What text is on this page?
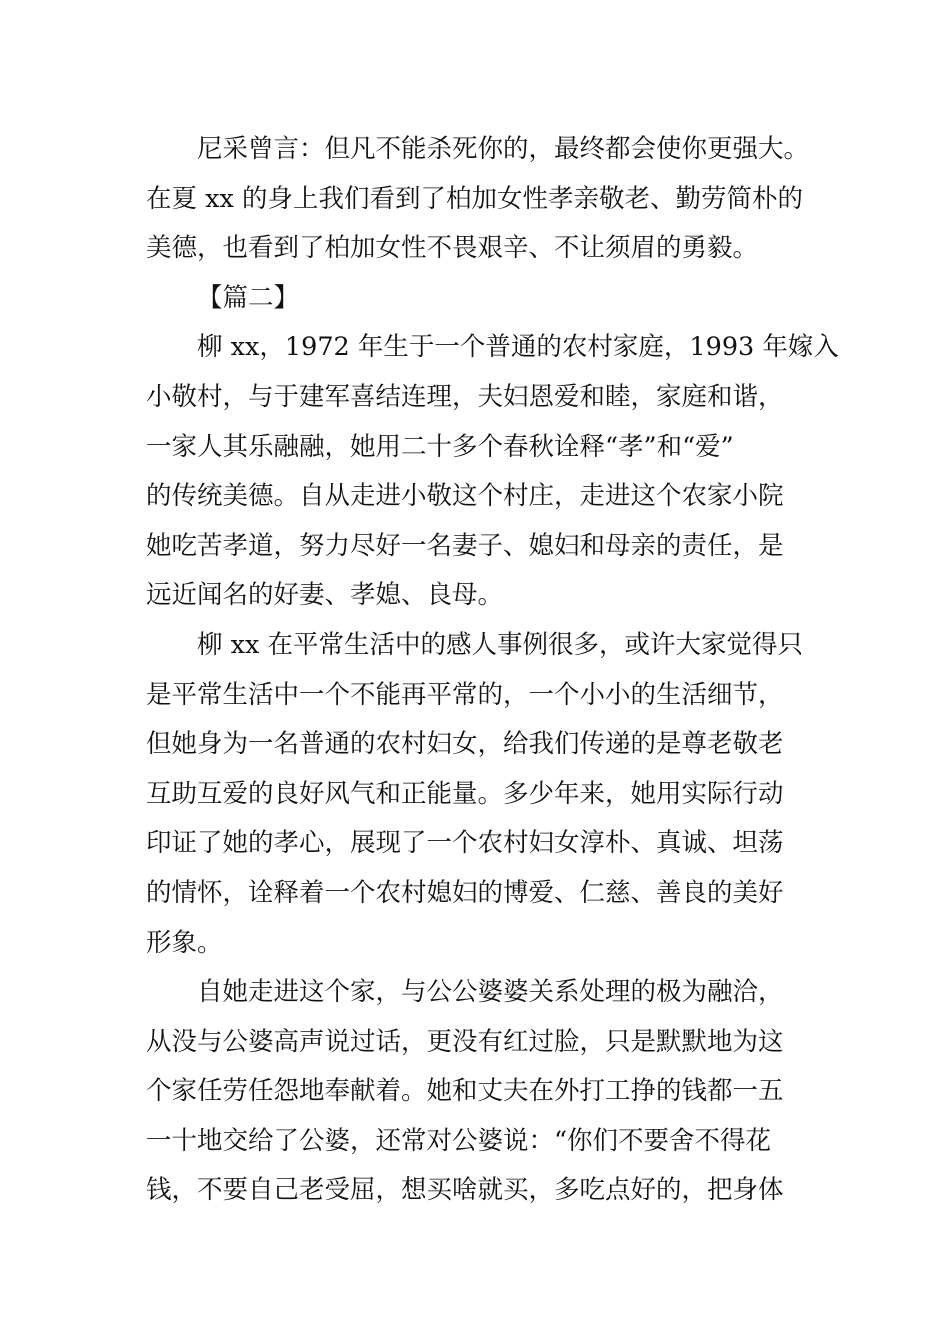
尼采曾言：但凡不能杀死你的，最终都会使你更强大。
在夏 xx 的身上我们看到了柏加女性孝亲敬老、勤劳简朴的
美德，也看到了柏加女性不畏艰辛、不让须眉的勇毅。
【篇二】
柳 xx，1972 年生于一个普通的农村家庭，1993 年嫁入
小敬村，与于建军喜结连理，夫妇恩爱和睦，家庭和谐，
一家人其乐融融，她用二十多个春秋诠释“孝”和“爱”
的传统美德。自从走进小敬这个村庄，走进这个农家小院
她吃苦孝道，努力尽好一名妻子、媳妇和母亲的责任，是
远近闻名的好妻、孝媳、良母。
柳 xx 在平常生活中的感人事例很多，或许大家觉得只
是平常生活中一个不能再平常的，一个小小的生活细节，
但她身为一名普通的农村妇女，给我们传递的是尊老敬老
互助互爱的良好风气和正能量。多少年来，她用实际行动
印证了她的孝心，展现了一个农村妇女淳朴、真诚、坦荡
的情怀，诠释着一个农村媳妇的博爱、仁慈、善良的美好
形象。
自她走进这个家，与公公婆婆关系处理的极为融洽，
从没与公婆高声说过话，更没有红过脸，只是默默地为这
个家任劳任怨地奉献着。她和丈夫在外打工挣的钱都一五
一十地交给了公婆，还常对公婆说：“你们不要舍不得花
钱，不要自己老受屈，想买啥就买，多吃点好的，把身体
